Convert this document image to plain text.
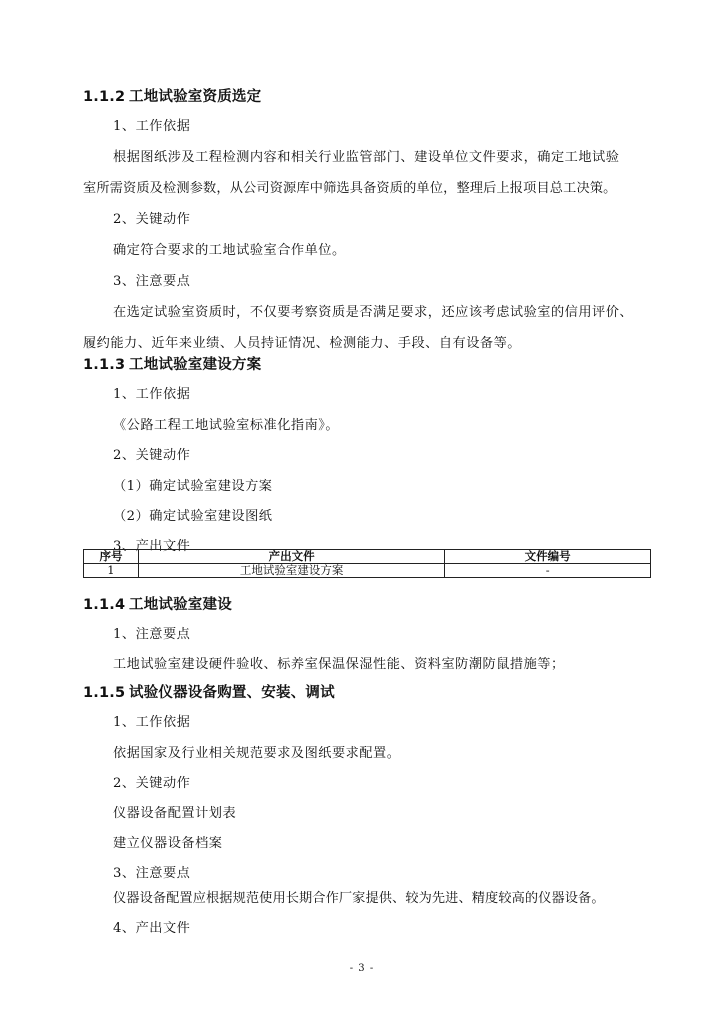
1.1.2 工地试验室资质选定
1、工作依据
根据图纸涉及工程检测内容和相关行业监管部门、建设单位文件要求，确定工地试验
室所需资质及检测参数，从公司资源库中筛选具备资质的单位，整理后上报项目总工决策。
2、关键动作
确定符合要求的工地试验室合作单位。
3、注意要点
在选定试验室资质时，不仅要考察资质是否满足要求，还应该考虑试验室的信用评价、
履约能力、近年来业绩、人员持证情况、检测能力、手段、自有设备等。
1.1.3 工地试验室建设方案
1、工作依据
《公路工程工地试验室标准化指南》。
2、关键动作
（1）确定试验室建设方案
（2）确定试验室建设图纸
3、产出文件
序号	产出文件	文件编号
1	工地试验室建设方案	-
1.1.4 工地试验室建设
1、注意要点
工地试验室建设硬件验收、标养室保温保湿性能、资料室防潮防鼠措施等；
1.1.5 试验仪器设备购置、安装、调试
1、工作依据
依据国家及行业相关规范要求及图纸要求配置。
2、关键动作
仪器设备配置计划表
建立仪器设备档案
3、注意要点
仪器设备配置应根据规范使用长期合作厂家提供、较为先进、精度较高的仪器设备。
4、产出文件
- 3 -
